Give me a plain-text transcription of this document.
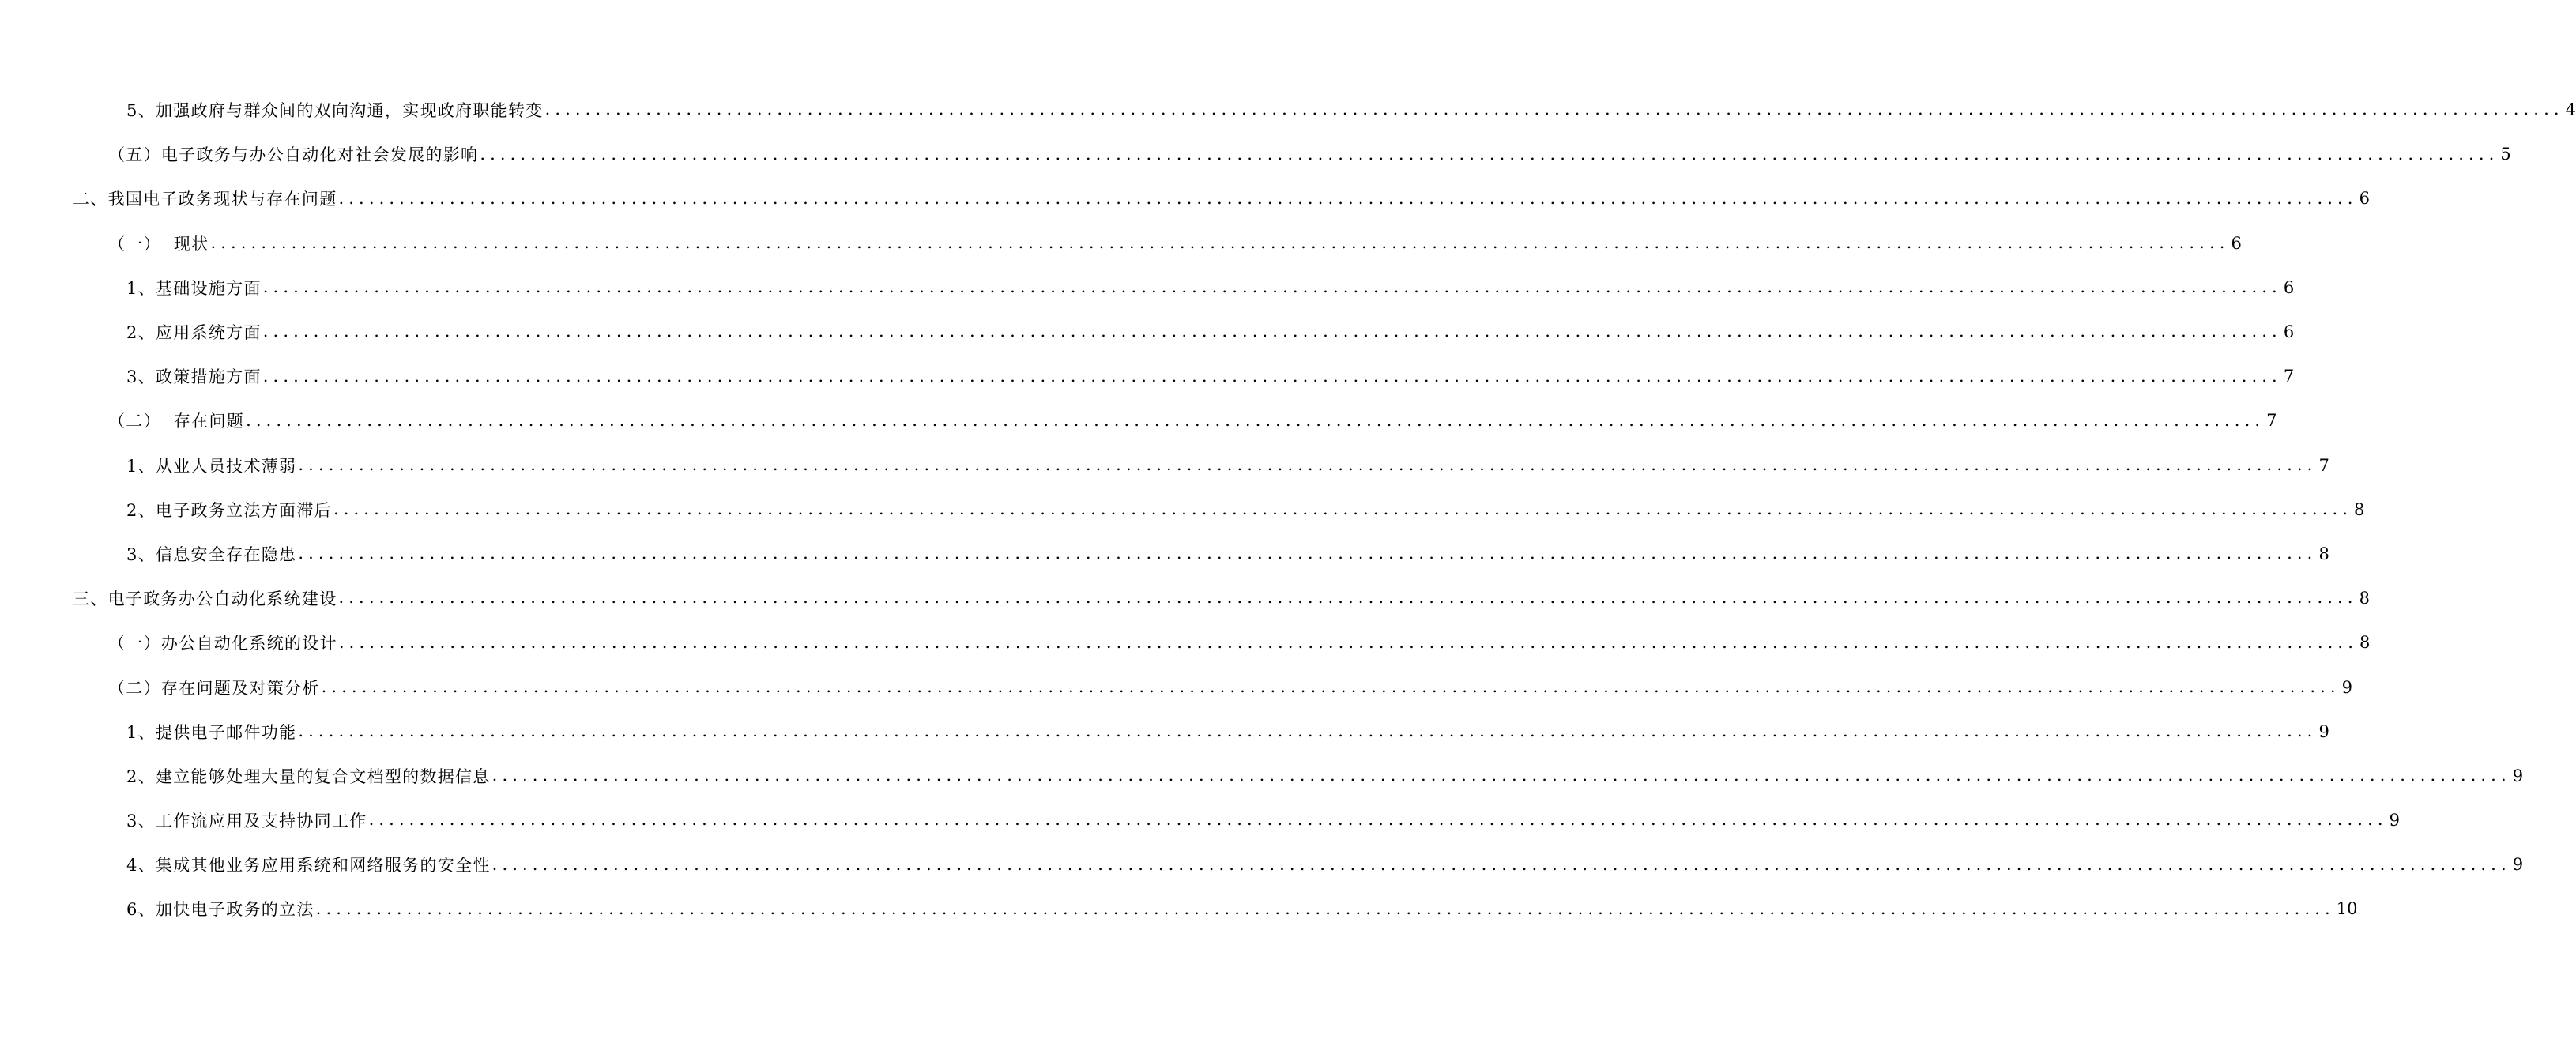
5、加强政府与群众间的双向沟通，实现政府职能转变 ........................................................................................................................................................................................................ 4
（五）电子政务与办公自动化对社会发展的影响 ........................................................................................................................................................................................................ 5
二、我国电子政务现状与存在问题 ........................................................................................................................................................................................................ 6
（一）  现状 ........................................................................................................................................................................................................ 6
1、基础设施方面 ........................................................................................................................................................................................................ 6
2、应用系统方面 ........................................................................................................................................................................................................ 6
3、政策措施方面 ........................................................................................................................................................................................................ 7
（二）  存在问题 ........................................................................................................................................................................................................ 7
1、从业人员技术薄弱 ........................................................................................................................................................................................................ 7
2、电子政务立法方面滞后 ........................................................................................................................................................................................................ 8
3、信息安全存在隐患 ........................................................................................................................................................................................................ 8
三、电子政务办公自动化系统建设 ........................................................................................................................................................................................................ 8
（一）办公自动化系统的设计 ........................................................................................................................................................................................................ 8
（二）存在问题及对策分析 ........................................................................................................................................................................................................ 9
1、提供电子邮件功能 ........................................................................................................................................................................................................ 9
2、建立能够处理大量的复合文档型的数据信息 ........................................................................................................................................................................................................ 9
3、工作流应用及支持协同工作 ........................................................................................................................................................................................................ 9
4、集成其他业务应用系统和网络服务的安全性 ........................................................................................................................................................................................................ 9
6、加快电子政务的立法 ........................................................................................................................................................................................................ 10
